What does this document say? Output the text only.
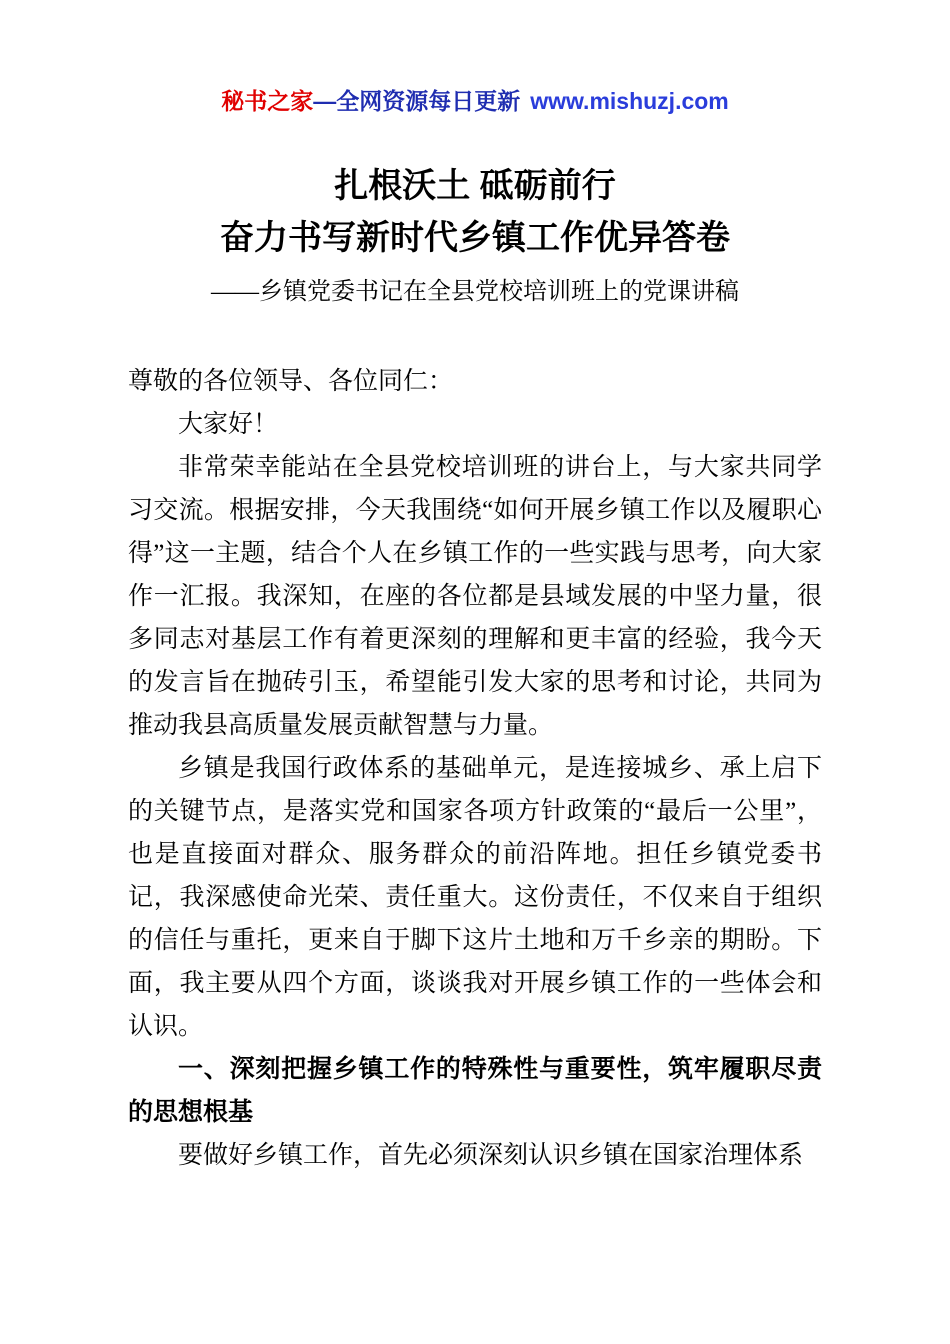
秘书之家—全网资源每日更新 www.mishuzj.com
扎根沃土 砥砺前行
奋力书写新时代乡镇工作优异答卷
——乡镇党委书记在全县党校培训班上的党课讲稿

尊敬的各位领导、各位同仁：

大家好！

非常荣幸能站在全县党校培训班的讲台上，与大家共同学习交流。根据安排，今天我围绕“如何开展乡镇工作以及履职心得”这一主题，结合个人在乡镇工作的一些实践与思考，向大家作一汇报。我深知，在座的各位都是县域发展的中坚力量，很多同志对基层工作有着更深刻的理解和更丰富的经验，我今天的发言旨在抛砖引玉，希望能引发大家的思考和讨论，共同为推动我县高质量发展贡献智慧与力量。

乡镇是我国行政体系的基础单元，是连接城乡、承上启下的关键节点，是落实党和国家各项方针政策的“最后一公里”，也是直接面对群众、服务群众的前沿阵地。担任乡镇党委书记，我深感使命光荣、责任重大。这份责任，不仅来自于组织的信任与重托，更来自于脚下这片土地和万千乡亲的期盼。下面，我主要从四个方面，谈谈我对开展乡镇工作的一些体会和认识。

一、深刻把握乡镇工作的特殊性与重要性，筑牢履职尽责的思想根基

要做好乡镇工作，首先必须深刻认识乡镇在国家治理体系
